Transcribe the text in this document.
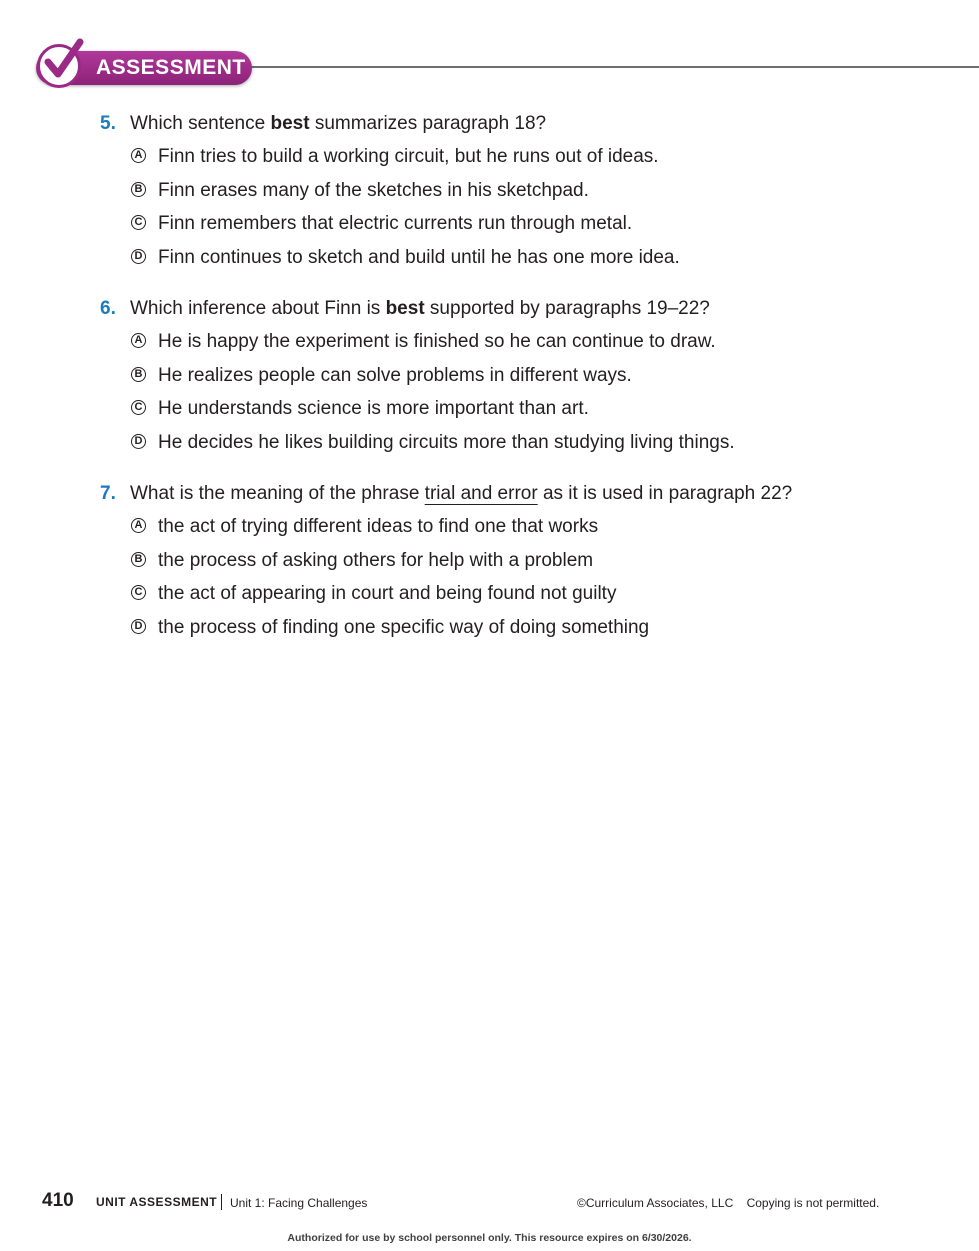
ASSESSMENT
5. Which sentence best summarizes paragraph 18?
A Finn tries to build a working circuit, but he runs out of ideas.
B Finn erases many of the sketches in his sketchpad.
C Finn remembers that electric currents run through metal.
D Finn continues to sketch and build until he has one more idea.
6. Which inference about Finn is best supported by paragraphs 19–22?
A He is happy the experiment is finished so he can continue to draw.
B He realizes people can solve problems in different ways.
C He understands science is more important than art.
D He decides he likes building circuits more than studying living things.
7. What is the meaning of the phrase trial and error as it is used in paragraph 22?
A the act of trying different ideas to find one that works
B the process of asking others for help with a problem
C the act of appearing in court and being found not guilty
D the process of finding one specific way of doing something
410 UNIT ASSESSMENT Unit 1: Facing Challenges	©Curriculum Associates, LLC    Copying is not permitted.
Authorized for use by school personnel only. This resource expires on 6/30/2026.
